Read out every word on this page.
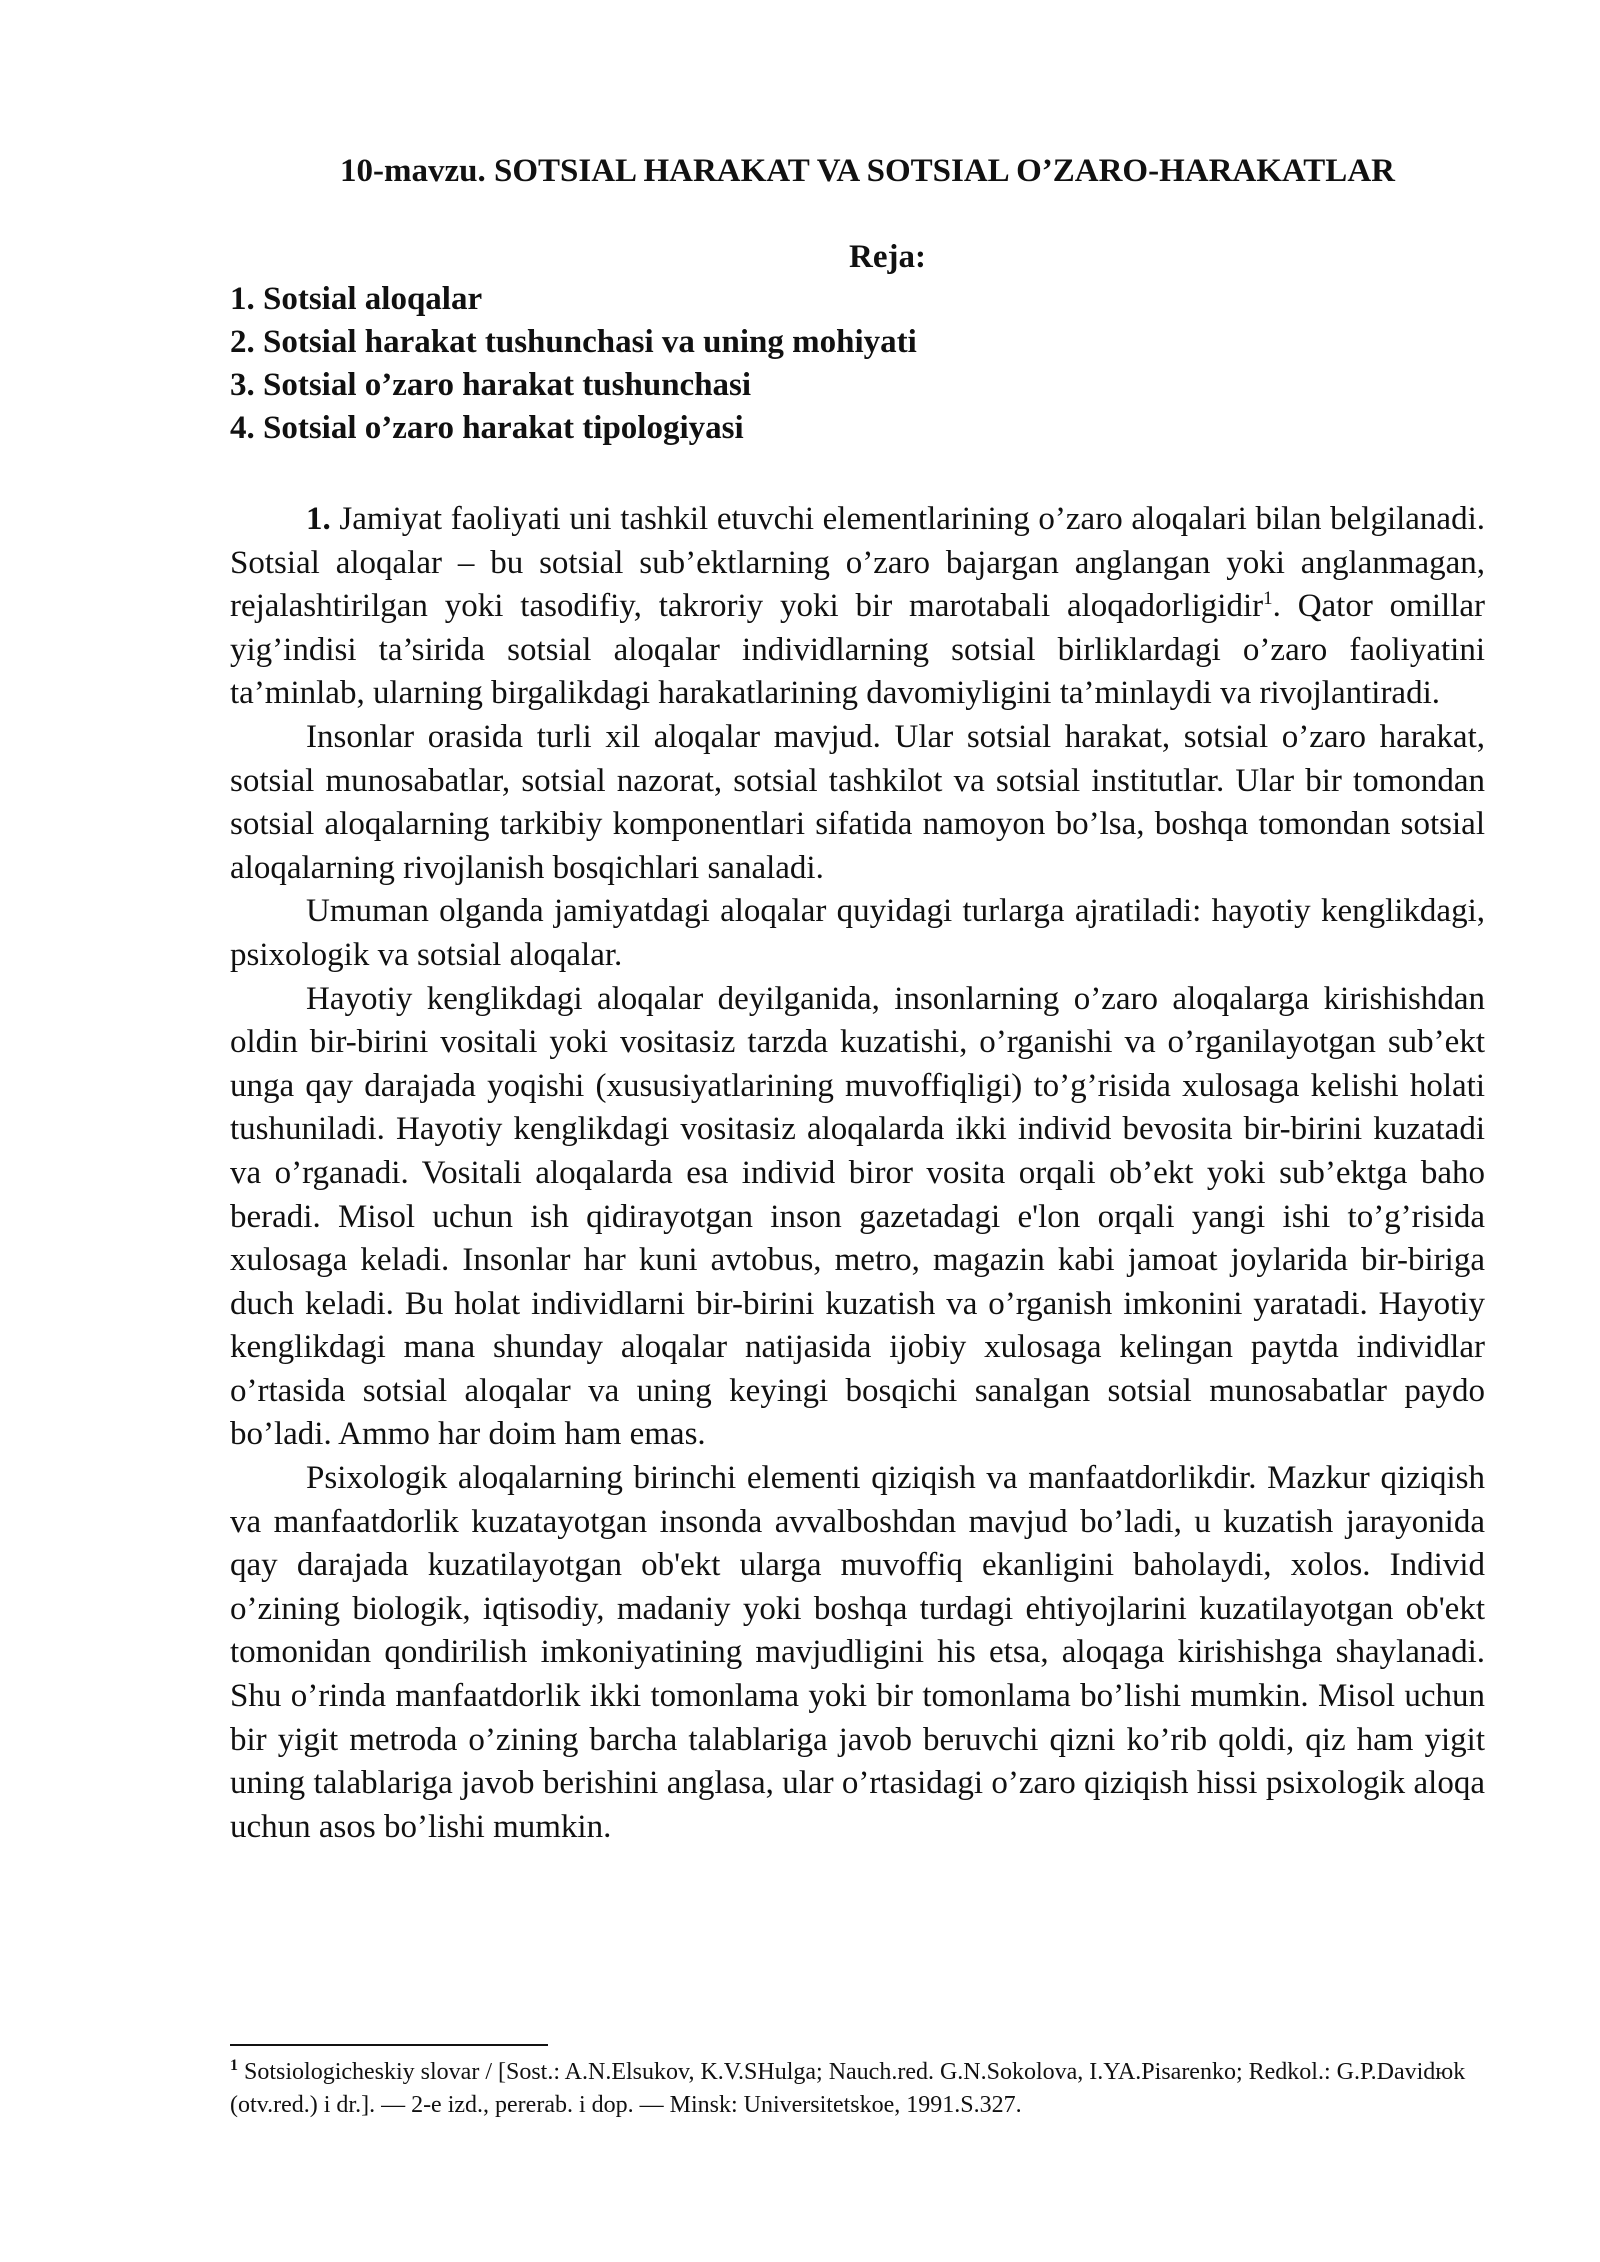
10-mavzu. SOTSIAL HARAKAT VA SOTSIAL O’ZARO-HARAKATLAR
Reja:
1. Sotsial aloqalar
2. Sotsial harakat tushunchasi va uning mohiyati
3. Sotsial o’zaro harakat tushunchasi
4. Sotsial o’zaro harakat tipologiyasi

1. Jamiyat faoliyati uni tashkil etuvchi elementlarining o’zaro aloqalari bilan belgilanadi. Sotsial aloqalar – bu sotsial sub’ektlarning o’zaro bajargan anglangan yoki anglanmagan, rejalashtirilgan yoki tasodifiy, takroriy yoki bir marotabali aloqadorligidir$^1$. Qator omillar yig’indisi ta’sirida sotsial aloqalar individlarning sotsial birliklardagi o’zaro faoliyatini ta’minlab, ularning birgalikdagi harakatlarining davomiyligini ta’minlaydi va rivojlantiradi.

Insonlar orasida turli xil aloqalar mavjud. Ular sotsial harakat, sotsial o’zaro harakat, sotsial munosabatlar, sotsial nazorat, sotsial tashkilot va sotsial institutlar. Ular bir tomondan sotsial aloqalarning tarkibiy komponentlari sifatida namoyon bo’lsa, boshqa tomondan sotsial aloqalarning rivojlanish bosqichlari sanaladi.

Umuman olganda jamiyatdagi aloqalar quyidagi turlarga ajratiladi: hayotiy kenglikdagi, psixologik va sotsial aloqalar.

Hayotiy kenglikdagi aloqalar deyilganida, insonlarning o’zaro aloqalarga kirishishdan oldin bir-birini vositali yoki vositasiz tarzda kuzatishi, o’rganishi va o’rganilayotgan sub’ekt unga qay darajada yoqishi (xususiyatlarining muvoffiqligi) to’g’risida xulosaga kelishi holati tushuniladi. Hayotiy kenglikdagi vositasiz aloqalarda ikki individ bevosita bir-birini kuzatadi va o’rganadi. Vositali aloqalarda esa individ biror vosita orqali ob’ekt yoki sub’ektga baho beradi. Misol uchun ish qidirayotgan inson gazetadagi e'lon orqali yangi ishi to’g’risida xulosaga keladi. Insonlar har kuni avtobus, metro, magazin kabi jamoat joylarida bir-biriga duch keladi. Bu holat individlarni bir-birini kuzatish va o’rganish imkonini yaratadi. Hayotiy kenglikdagi mana shunday aloqalar natijasida ijobiy xulosaga kelingan paytda individlar o’rtasida sotsial aloqalar va uning keyingi bosqichi sanalgan sotsial munosabatlar paydo bo’ladi. Ammo har doim ham emas.

Psixologik aloqalarning birinchi elementi qiziqish va manfaatdorlikdir. Mazkur qiziqish va manfaatdorlik kuzatayotgan insonda avvalboshdan mavjud bo’ladi, u kuzatish jarayonida qay darajada kuzatilayotgan ob'ekt ularga muvoffiq ekanligini baholaydi, xolos. Individ o’zining biologik, iqtisodiy, madaniy yoki boshqa turdagi ehtiyojlarini kuzatilayotgan ob'ekt tomonidan qondirilish imkoniyatining mavjudligini his etsa, aloqaga kirishishga shaylanadi. Shu o’rinda manfaatdorlik ikki tomonlama yoki bir tomonlama bo’lishi mumkin. Misol uchun bir yigit metroda o’zining barcha talablariga javob beruvchi qizni ko’rib qoldi, qiz ham yigit uning talablariga javob berishini anglasa, ular o’rtasidagi o’zaro qiziqish hissi psixologik aloqa uchun asos bo’lishi mumkin.

$^1$ Sotsiologicheskiy slovar / [Sost.: A.N.Elsukov, K.V.SHulga; Nauch.red. G.N.Sokolova, I.YA.Pisarenko; Redkol.: G.P.Davidюk (otv.red.) i dr.]. — 2-e izd., pererab. i dop. — Minsk: Universitetskoe, 1991.S.327.
